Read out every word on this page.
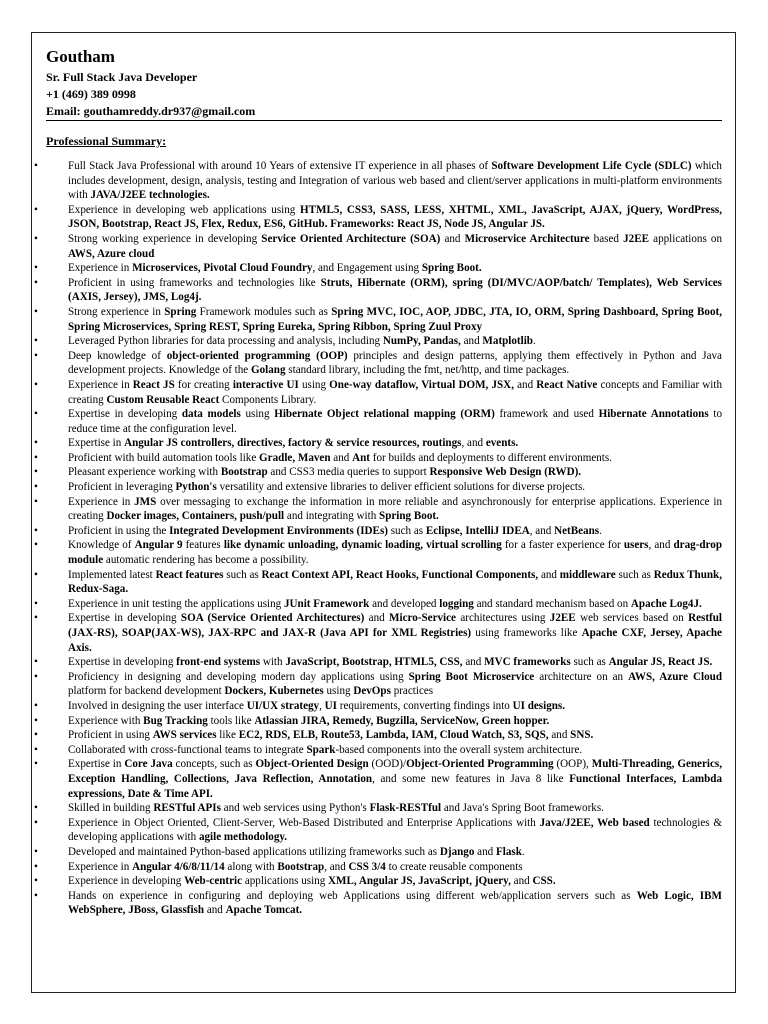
Goutham
Sr. Full Stack Java Developer
+1 (469) 389 0998
Email: gouthamreddy.dr937@gmail.com
Professional Summary:
•	Full Stack Java Professional with around 10 Years of extensive IT experience in all phases of Software Development Life Cycle (SDLC) which includes development, design, analysis, testing and Integration of various web based and client/server applications in multi-platform environments with JAVA/J2EE technologies.
•	Experience in developing web applications using HTML5, CSS3, SASS, LESS, XHTML, XML, JavaScript, AJAX, jQuery, WordPress, JSON, Bootstrap, React JS, Flex, Redux, ES6, GitHub. Frameworks: React JS, Node JS, Angular JS.
•	Strong working experience in developing Service Oriented Architecture (SOA) and Microservice Architecture based J2EE applications on AWS, Azure cloud
•	Experience in Microservices, Pivotal Cloud Foundry, and Engagement using Spring Boot.
•	Proficient in using frameworks and technologies like Struts, Hibernate (ORM), spring (DI/MVC/AOP/batch/ Templates), Web Services (AXIS, Jersey), JMS, Log4j.
•	Strong experience in Spring Framework modules such as Spring MVC, IOC, AOP, JDBC, JTA, IO, ORM, Spring Dashboard, Spring Boot, Spring Microservices, Spring REST, Spring Eureka, Spring Ribbon, Spring Zuul Proxy
•	Leveraged Python libraries for data processing and analysis, including NumPy, Pandas, and Matplotlib.
•	Deep knowledge of object-oriented programming (OOP) principles and design patterns, applying them effectively in Python and Java development projects. Knowledge of the Golang standard library, including the fmt, net/http, and time packages.
•	Experience in React JS for creating interactive UI using One-way dataflow, Virtual DOM, JSX, and React Native concepts and Familiar with creating Custom Reusable React Components Library.
•	Expertise in developing data models using Hibernate Object relational mapping (ORM) framework and used Hibernate Annotations to reduce time at the configuration level.
•	Expertise in Angular JS controllers, directives, factory & service resources, routings, and events.
•	Proficient with build automation tools like Gradle, Maven and Ant for builds and deployments to different environments.
•	Pleasant experience working with Bootstrap and CSS3 media queries to support Responsive Web Design (RWD).
•	Proficient in leveraging Python's versatility and extensive libraries to deliver efficient solutions for diverse projects.
•	Experience in JMS over messaging to exchange the information in more reliable and asynchronously for enterprise applications. Experience in creating Docker images, Containers, push/pull and integrating with Spring Boot.
•	Proficient in using the Integrated Development Environments (IDEs) such as Eclipse, IntelliJ IDEA, and NetBeans.
•	Knowledge of Angular 9 features like dynamic unloading, dynamic loading, virtual scrolling for a faster experience for users, and drag-drop module automatic rendering has become a possibility.
•	Implemented latest React features such as React Context API, React Hooks, Functional Components, and middleware such as Redux Thunk, Redux-Saga.
•	Experience in unit testing the applications using JUnit Framework and developed logging and standard mechanism based on Apache Log4J.
•	Expertise in developing SOA (Service Oriented Architectures) and Micro-Service architectures using J2EE web services based on Restful (JAX-RS), SOAP(JAX-WS), JAX-RPC and JAX-R (Java API for XML Registries) using frameworks like Apache CXF, Jersey, Apache Axis.
•	Expertise in developing front-end systems with JavaScript, Bootstrap, HTML5, CSS, and MVC frameworks such as Angular JS, React JS.
•	Proficiency in designing and developing modern day applications using Spring Boot Microservice architecture on an AWS, Azure Cloud platform for backend development Dockers, Kubernetes using DevOps practices
•	Involved in designing the user interface UI/UX strategy, UI requirements, converting findings into UI designs.
•	Experience with Bug Tracking tools like Atlassian JIRA, Remedy, Bugzilla, ServiceNow, Green hopper.
•	Proficient in using AWS services like EC2, RDS, ELB, Route53, Lambda, IAM, Cloud Watch, S3, SQS, and SNS.
•	Collaborated with cross-functional teams to integrate Spark-based components into the overall system architecture.
•	Expertise in Core Java concepts, such as Object-Oriented Design (OOD)/Object-Oriented Programming (OOP), Multi-Threading, Generics, Exception Handling, Collections, Java Reflection, Annotation, and some new features in Java 8 like Functional Interfaces, Lambda expressions, Date & Time API.
•	Skilled in building RESTful APIs and web services using Python's Flask-RESTful and Java's Spring Boot frameworks.
•	Experience in Object Oriented, Client-Server, Web-Based Distributed and Enterprise Applications with Java/J2EE, Web based technologies & developing applications with agile methodology.
•	Developed and maintained Python-based applications utilizing frameworks such as Django and Flask.
•	Experience in Angular 4/6/8/11/14 along with Bootstrap, and CSS 3/4 to create reusable components
•	Experience in developing Web-centric applications using XML, Angular JS, JavaScript, jQuery, and CSS.
•	Hands on experience in configuring and deploying web Applications using different web/application servers such as Web Logic, IBM WebSphere, JBoss, Glassfish and Apache Tomcat.
